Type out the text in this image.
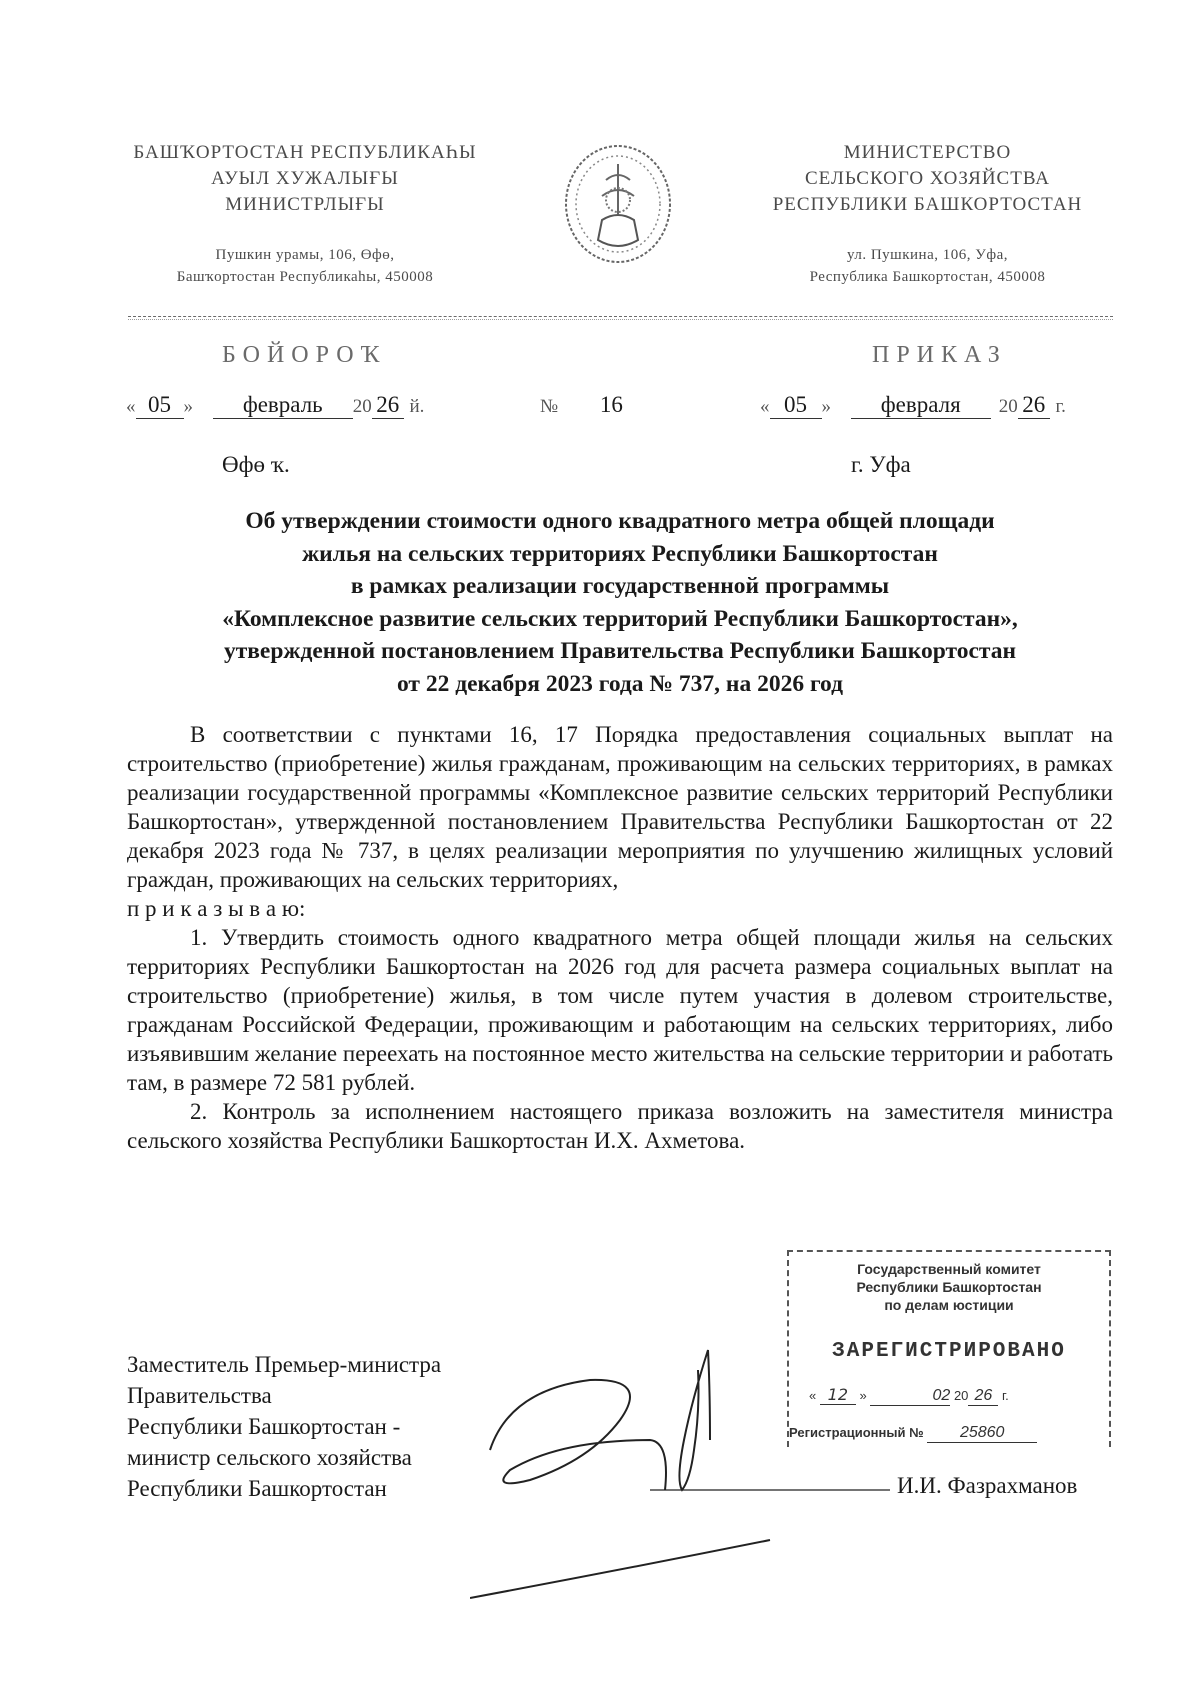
БАШҠОРТОСТАН РЕСПУБЛИКАҺЫ
АУЫЛ ХУЖАЛЫҒЫ
МИНИСТРЛЫҒЫ
Пушкин урамы, 106, Өфө,
Башҡортостан Республикаһы, 450008
МИНИСТЕРСТВО
СЕЛЬСКОГО ХОЗЯЙСТВА
РЕСПУБЛИКИ БАШКОРТОСТАН
ул. Пушкина, 106, Уфа,
Республика Башкортостан, 450008
БОЙОРОҠ	ПРИКАЗ
« 05 » февраль 20 26 й.	№ 16	« 05 » февраля 20 26 г.
Өфө ҡ.	г. Уфа
Об утверждении стоимости одного квадратного метра общей площади
жилья на сельских территориях Республики Башкортостан
в рамках реализации государственной программы
«Комплексное развитие сельских территорий Республики Башкортостан»,
утвержденной постановлением Правительства Республики Башкортостан
от 22 декабря 2023 года № 737, на 2026 год

В соответствии с пунктами 16, 17 Порядка предоставления социальных выплат на строительство (приобретение) жилья гражданам, проживающим на сельских территориях, в рамках реализации государственной программы «Комплексное развитие сельских территорий Республики Башкортостан», утвержденной постановлением Правительства Республики Башкортостан от 22 декабря 2023 года № 737, в целях реализации мероприятия по улучшению жилищных условий граждан, проживающих на сельских территориях,

п р и к а з ы в а ю:

1. Утвердить стоимость одного квадратного метра общей площади жилья на сельских территориях Республики Башкортостан на 2026 год для расчета размера социальных выплат на строительство (приобретение) жилья, в том числе путем участия в долевом строительстве, гражданам Российской Федерации, проживающим и работающим на сельских территориях, либо изъявившим желание переехать на постоянное место жительства на сельские территории и работать там, в размере 72 581 рублей.

2. Контроль за исполнением настоящего приказа возложить на заместителя министра сельского хозяйства Республики Башкортостан И.Х. Ахметова.

Государственный комитет
Республики Башкортостан
по делам юстиции
ЗАРЕГИСТРИРОВАНО
« 12 »	02 20 26 г.
Регистрационный № 25860
Заместитель Премьер-министра
Правительства
Республики Башкортостан -
министр сельского хозяйства
Республики Башкортостан	И.И. Фазрахманов
